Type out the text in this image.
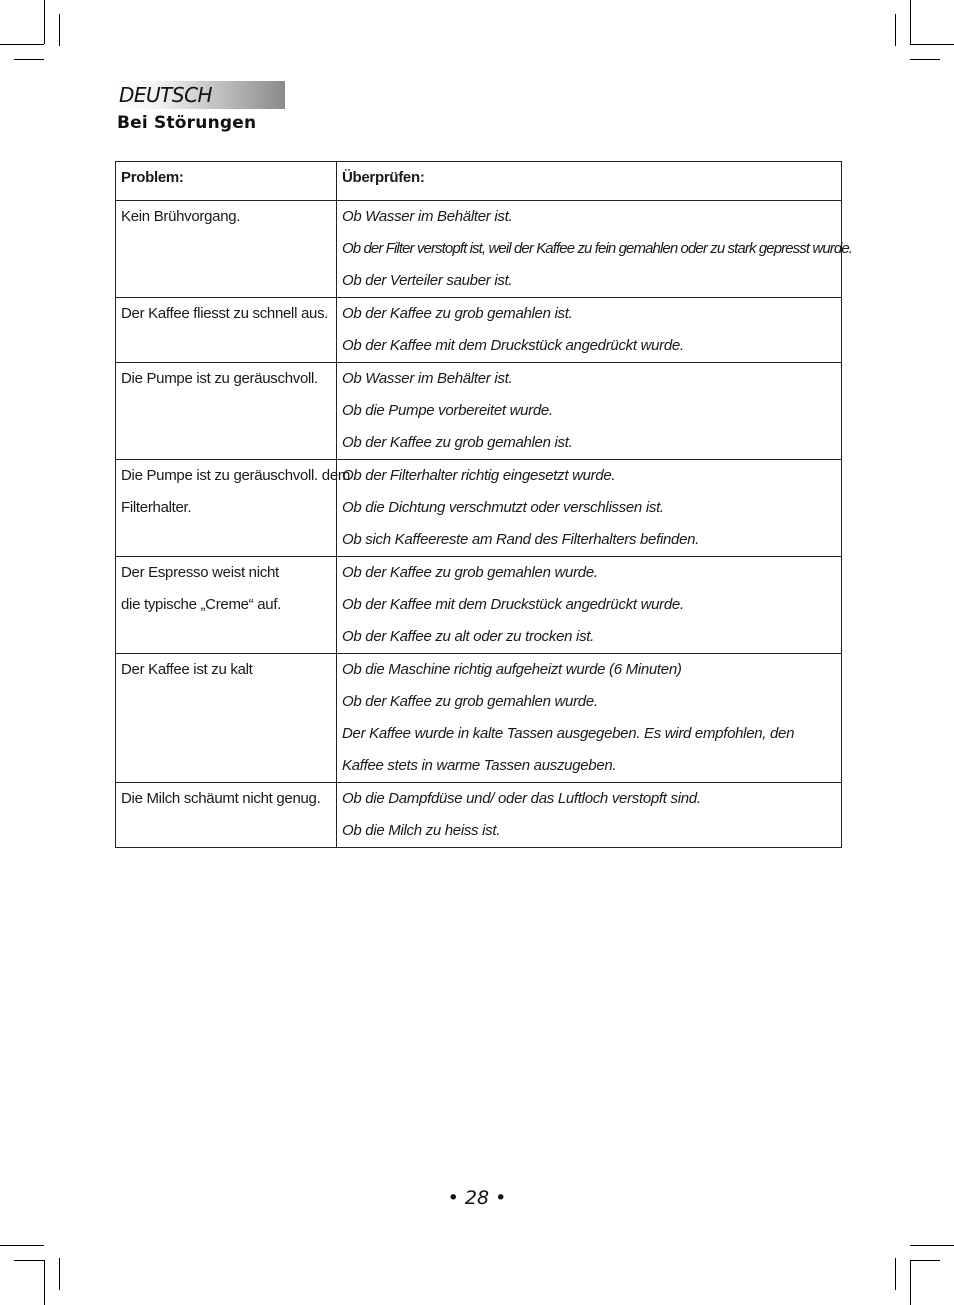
DEUTSCH
Bei Störungen
Problem:	Überprüfen:

Kein Brühvorgang.	Ob Wasser im Behälter ist.
Ob der Filter verstopft ist, weil der Kaffee zu fein gemahlen oder zu stark gepresst wurde.
Ob der Verteiler sauber ist.

Der Kaffee fliesst zu schnell aus.	Ob der Kaffee zu grob gemahlen ist.
Ob der Kaffee mit dem Druckstück angedrückt wurde.

Die Pumpe ist zu geräuschvoll.	Ob Wasser im Behälter ist.
Ob die Pumpe vorbereitet wurde.
Ob der Kaffee zu grob gemahlen ist.

Die Pumpe ist zu geräuschvoll. dem
Filterhalter.	Ob der Filterhalter richtig eingesetzt wurde.
Ob die Dichtung verschmutzt oder verschlissen ist.
Ob sich Kaffeereste am Rand des Filterhalters befinden.

Der Espresso weist nicht
die typische „Creme“ auf.	Ob der Kaffee zu grob gemahlen wurde.
Ob der Kaffee mit dem Druckstück angedrückt wurde.
Ob der Kaffee zu alt oder zu trocken ist.

Der Kaffee ist zu kalt	Ob die Maschine richtig aufgeheizt wurde (6 Minuten)
Ob der Kaffee zu grob gemahlen wurde.
Der Kaffee wurde in kalte Tassen ausgegeben. Es wird empfohlen, den Kaffee stets in warme Tassen auszugeben.

Die Milch schäumt nicht genug.	Ob die Dampfdüse und/ oder das Luftloch verstopft sind.
Ob die Milch zu heiss ist.
• 28 •
